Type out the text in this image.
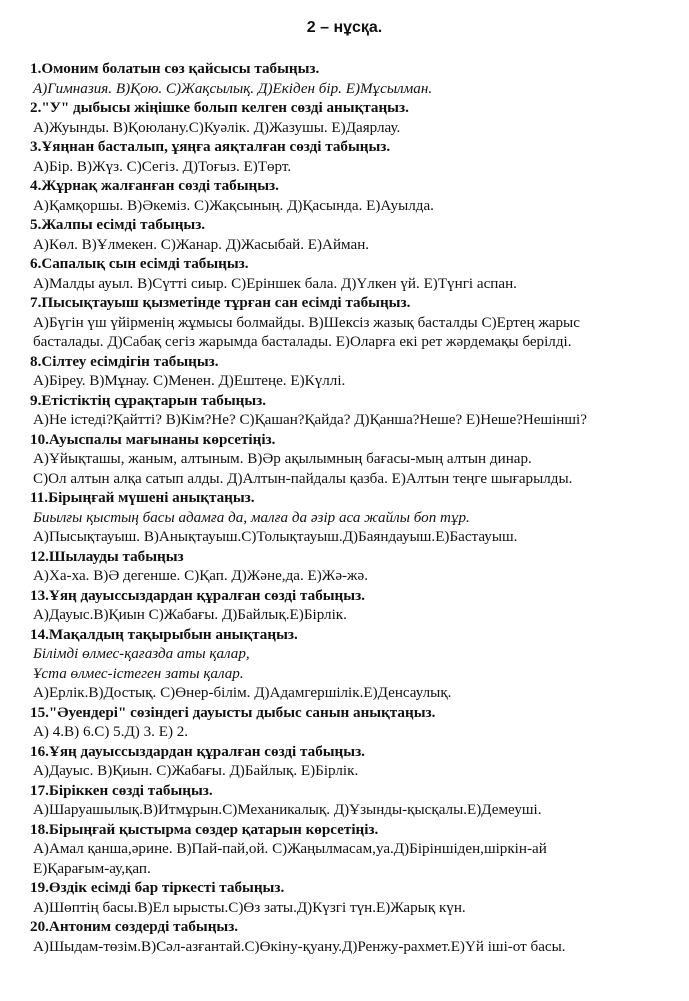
2 – нұсқа.
1.Омоним болатын сөз қайсысы табыңыз.
А)Гимназия. В)Қою. С)Жақсылық. Д)Екіден бір. Е)Мұсылман.
2."У" дыбысы жіңішке болып келген сөзді анықтаңыз.
А)Жуынды. В)Қоюлану.С)Куәлік. Д)Жазушы. Е)Даярлау.
3.Ұяңнан басталып, ұяңға аяқталған сөзді табыңыз.
А)Бір. В)Жүз. С)Сегіз. Д)Тоғыз. Е)Төрт.
4.Жұрнақ жалғанған сөзді табыңыз.
А)Қамқоршы. В)Әкеміз. С)Жақсының. Д)Қасында. Е)Ауылда.
5.Жалпы есімді табыңыз.
А)Көл. В)Ұлмекен. С)Жанар. Д)Жасыбай. Е)Айман.
6.Сапалық сын есімді табыңыз.
А)Малды ауыл. В)Сүтті сиыр. С)Еріншек бала. Д)Үлкен үй. Е)Түнгі аспан.
7.Пысықтауыш қызметінде тұрған сан есімді табыңыз.
А)Бүгін үш үйірменің жұмысы болмайды. В)Шексіз жазық басталды С)Ертең жарыс
басталады. Д)Сабақ сегіз жарымда басталады. Е)Оларға екі рет жәрдемақы берілді.
8.Сілтеу есімдігін табыңыз.
А)Біреу. В)Мұнау. С)Менен. Д)Ештеңе. Е)Күллі.
9.Етістіктің сұрақтарын табыңыз.
А)Не істеді?Қайтті? В)Кім?Не? С)Қашан?Қайда? Д)Қанша?Неше? Е)Неше?Нешінші?
10.Ауыспалы мағынаны көрсетіңіз.
А)Ұйықташы, жаным, алтыным. В)Әр ақылымның бағасы-мың алтын динар.
С)Ол алтын алқа сатып алды. Д)Алтын-пайдалы қазба. Е)Алтын теңге шығарылды.
11.Бірыңғай мүшені анықтаңыз.
Биылғы қыстың басы адамға да, малға да әзір аса жайлы боп тұр.
А)Пысықтауыш. В)Анықтауыш.С)Толықтауыш.Д)Баяндауыш.Е)Бастауыш.
12.Шылауды табыңыз
А)Ха-ха. В)Ә дегенше. С)Қап. Д)Және,да. Е)Жә-жә.
13.Ұяң дауыссыздардан құралған сөзді табыңыз.
А)Дауыс.В)Қиын С)Жабағы. Д)Байлық.Е)Бірлік.
14.Мақалдың тақырыбын анықтаңыз.
Білімді өлмес-қағазда аты қалар,
Ұста өлмес-істеген заты қалар.
А)Ерлік.В)Достық. С)Өнер-білім. Д)Адамгершілік.Е)Денсаулық.
15."Әуендері" сөзіндегі дауысты дыбыс санын анықтаңыз.
А) 4.В) 6.С) 5.Д) 3. Е) 2.
16.Ұяң дауыссыздардан құралған сөзді табыңыз.
А)Дауыс. В)Қиын. С)Жабағы. Д)Байлық. Е)Бірлік.
17.Біріккен сөзді табыңыз.
А)Шаруашылық.В)Итмұрын.С)Механикалық. Д)Ұзынды-қысқалы.Е)Демеуші.
18.Бірыңғай қыстырма сөздер қатарын көрсетіңіз.
А)Амал қанша,әрине. В)Пай-пай,ой. С)Жаңылмасам,уа.Д)Біріншіден,шіркін-ай
Е)Қарағым-ау,қап.
19.Өздік есімді бар тіркесті табыңыз.
А)Шөптің басы.В)Ел ырысты.С)Өз заты.Д)Күзгі түн.Е)Жарық күн.
20.Антоним сөздерді табыңыз.
А)Шыдам-төзім.В)Сәл-азғантай.С)Өкіну-қуану.Д)Ренжу-рахмет.Е)Үй іші-от басы.
